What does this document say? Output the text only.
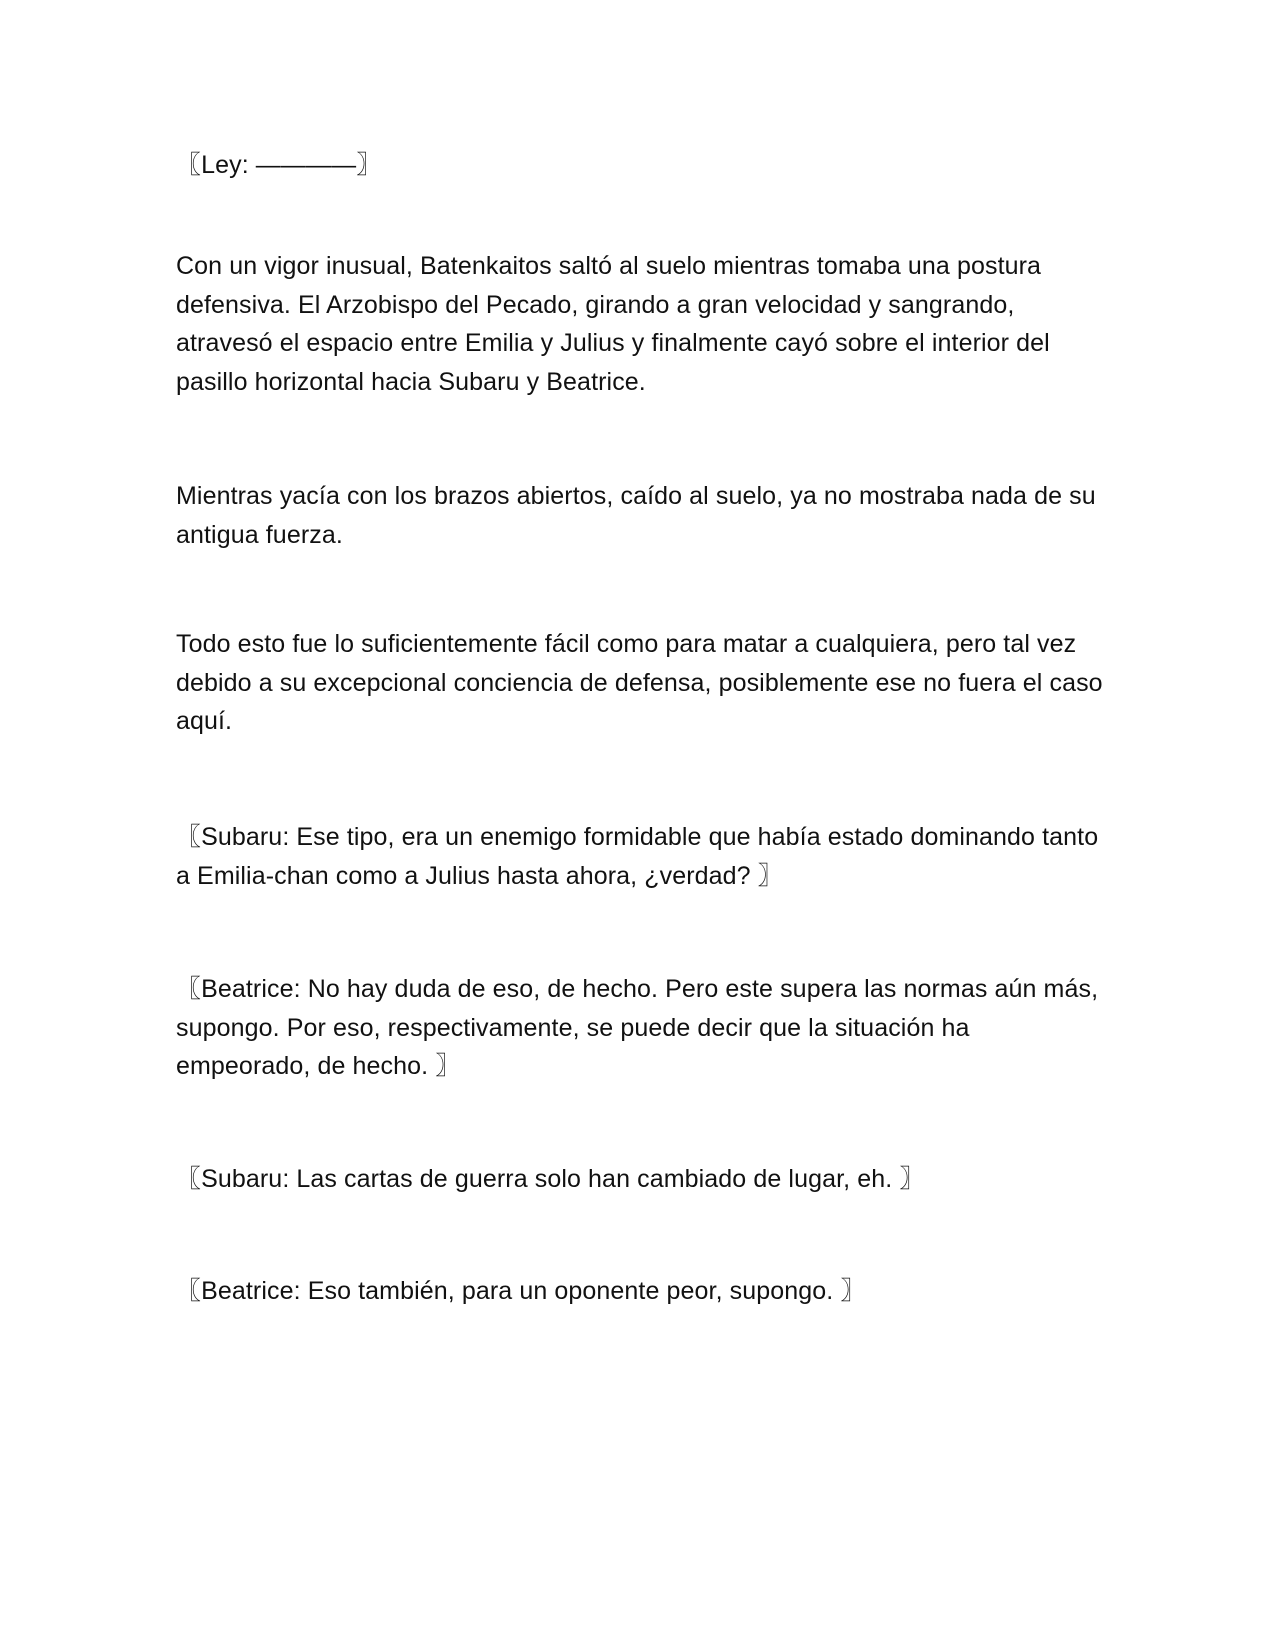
〖Ley: ————〗

Con un vigor inusual, Batenkaitos saltó al suelo mientras tomaba una postura defensiva. El Arzobispo del Pecado, girando a gran velocidad y sangrando, atravesó el espacio entre Emilia y Julius y finalmente cayó sobre el interior del pasillo horizontal hacia Subaru y Beatrice.

Mientras yacía con los brazos abiertos, caído al suelo, ya no mostraba nada de su antigua fuerza.

Todo esto fue lo suficientemente fácil como para matar a cualquiera, pero tal vez debido a su excepcional conciencia de defensa, posiblemente ese no fuera el caso aquí.

〖Subaru: Ese tipo, era un enemigo formidable que había estado dominando tanto a Emilia-chan como a Julius hasta ahora, ¿verdad? 〗

〖Beatrice: No hay duda de eso, de hecho. Pero este supera las normas aún más, supongo. Por eso, respectivamente, se puede decir que la situación ha empeorado, de hecho. 〗

〖Subaru: Las cartas de guerra solo han cambiado de lugar, eh. 〗

〖Beatrice: Eso también, para un oponente peor, supongo. 〗
